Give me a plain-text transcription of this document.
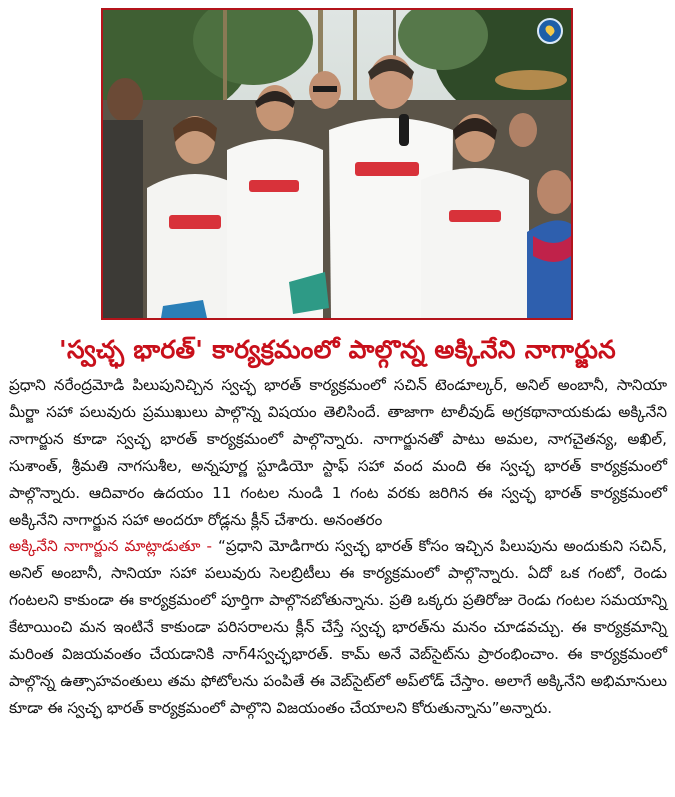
'స్వచ్ఛ భారత్' కార్యక్రమంలో పాల్గొన్న అక్కినేని నాగార్జున

ప్రధాని నరేంద్రమోడి పిలుపునిచ్చిన స్వచ్ఛ భారత్ కార్యక్రమంలో సచిన్ టెండూల్కర్, అనిల్ అంబానీ, సానియా మీర్జా సహా పలువురు ప్రముఖులు పాల్గొన్న విషయం తెలిసిందే. తాజాగా టాలీవుడ్ అగ్రకథానాయకుడు అక్కినేని నాగార్జున కూడా స్వచ్ఛ భారత్ కార్యక్రమంలో పాల్గొన్నారు. నాగార్జునతో పాటు అమల, నాగచైతన్య, అఖిల్, సుశాంత్, శ్రీమతి నాగసుశీల, అన్నపూర్ణ స్టూడియో స్టాఫ్ సహా వంద మంది ఈ స్వచ్ఛ భారత్ కార్యక్రమంలో పాల్గొన్నారు. ఆదివారం ఉదయం 11 గంటల నుండి 1 గంట వరకు జరిగిన ఈ స్వచ్ఛ భారత్ కార్యక్రమంలో అక్కినేని నాగార్జున సహా అందరూ రోడ్లను క్లీన్ చేశారు. అనంతరం
అక్కినేని నాగార్జున మాట్లాడుతూ - “ప్రధాని మోడిగారు స్వచ్ఛ భారత్ కోసం ఇచ్చిన పిలుపును అందుకుని సచిన్, అనిల్ అంబానీ, సానియా సహా పలువురు సెలబ్రిటీలు ఈ కార్యక్రమంలో పాల్గొన్నారు. ఏదో ఒక గంటో, రెండు గంటలని కాకుండా ఈ కార్యక్రమంలో పూర్తిగా పాల్గొనబోతున్నాను. ప్రతి ఒక్కరు ప్రతిరోజు రెండు గంటల సమయాన్ని కేటాయించి మన ఇంటినే కాకుండా పరిసరాలను క్లీన్ చేస్తే స్వచ్ఛ భారత్‌ను మనం చూడవచ్చు. ఈ కార్యక్రమాన్ని మరింత విజయవంతం చేయడానికి నాగ్4స్వచ్ఛభారత్. కామ్ అనే వెబ్‌సైట్‌ను ప్రారంభించాం. ఈ కార్యక్రమంలో పాల్గొన్న ఉత్సాహవంతులు తమ ఫోటోలను పంపితే ఈ వెబ్‌సైట్‌లో అప్‌లోడ్ చేస్తాం. అలాగే అక్కినేని అభిమానులు కూడా ఈ స్వచ్ఛ భారత్ కార్యక్రమంలో పాల్గొని విజయంతం చేయాలని కోరుతున్నాను”అన్నారు.
